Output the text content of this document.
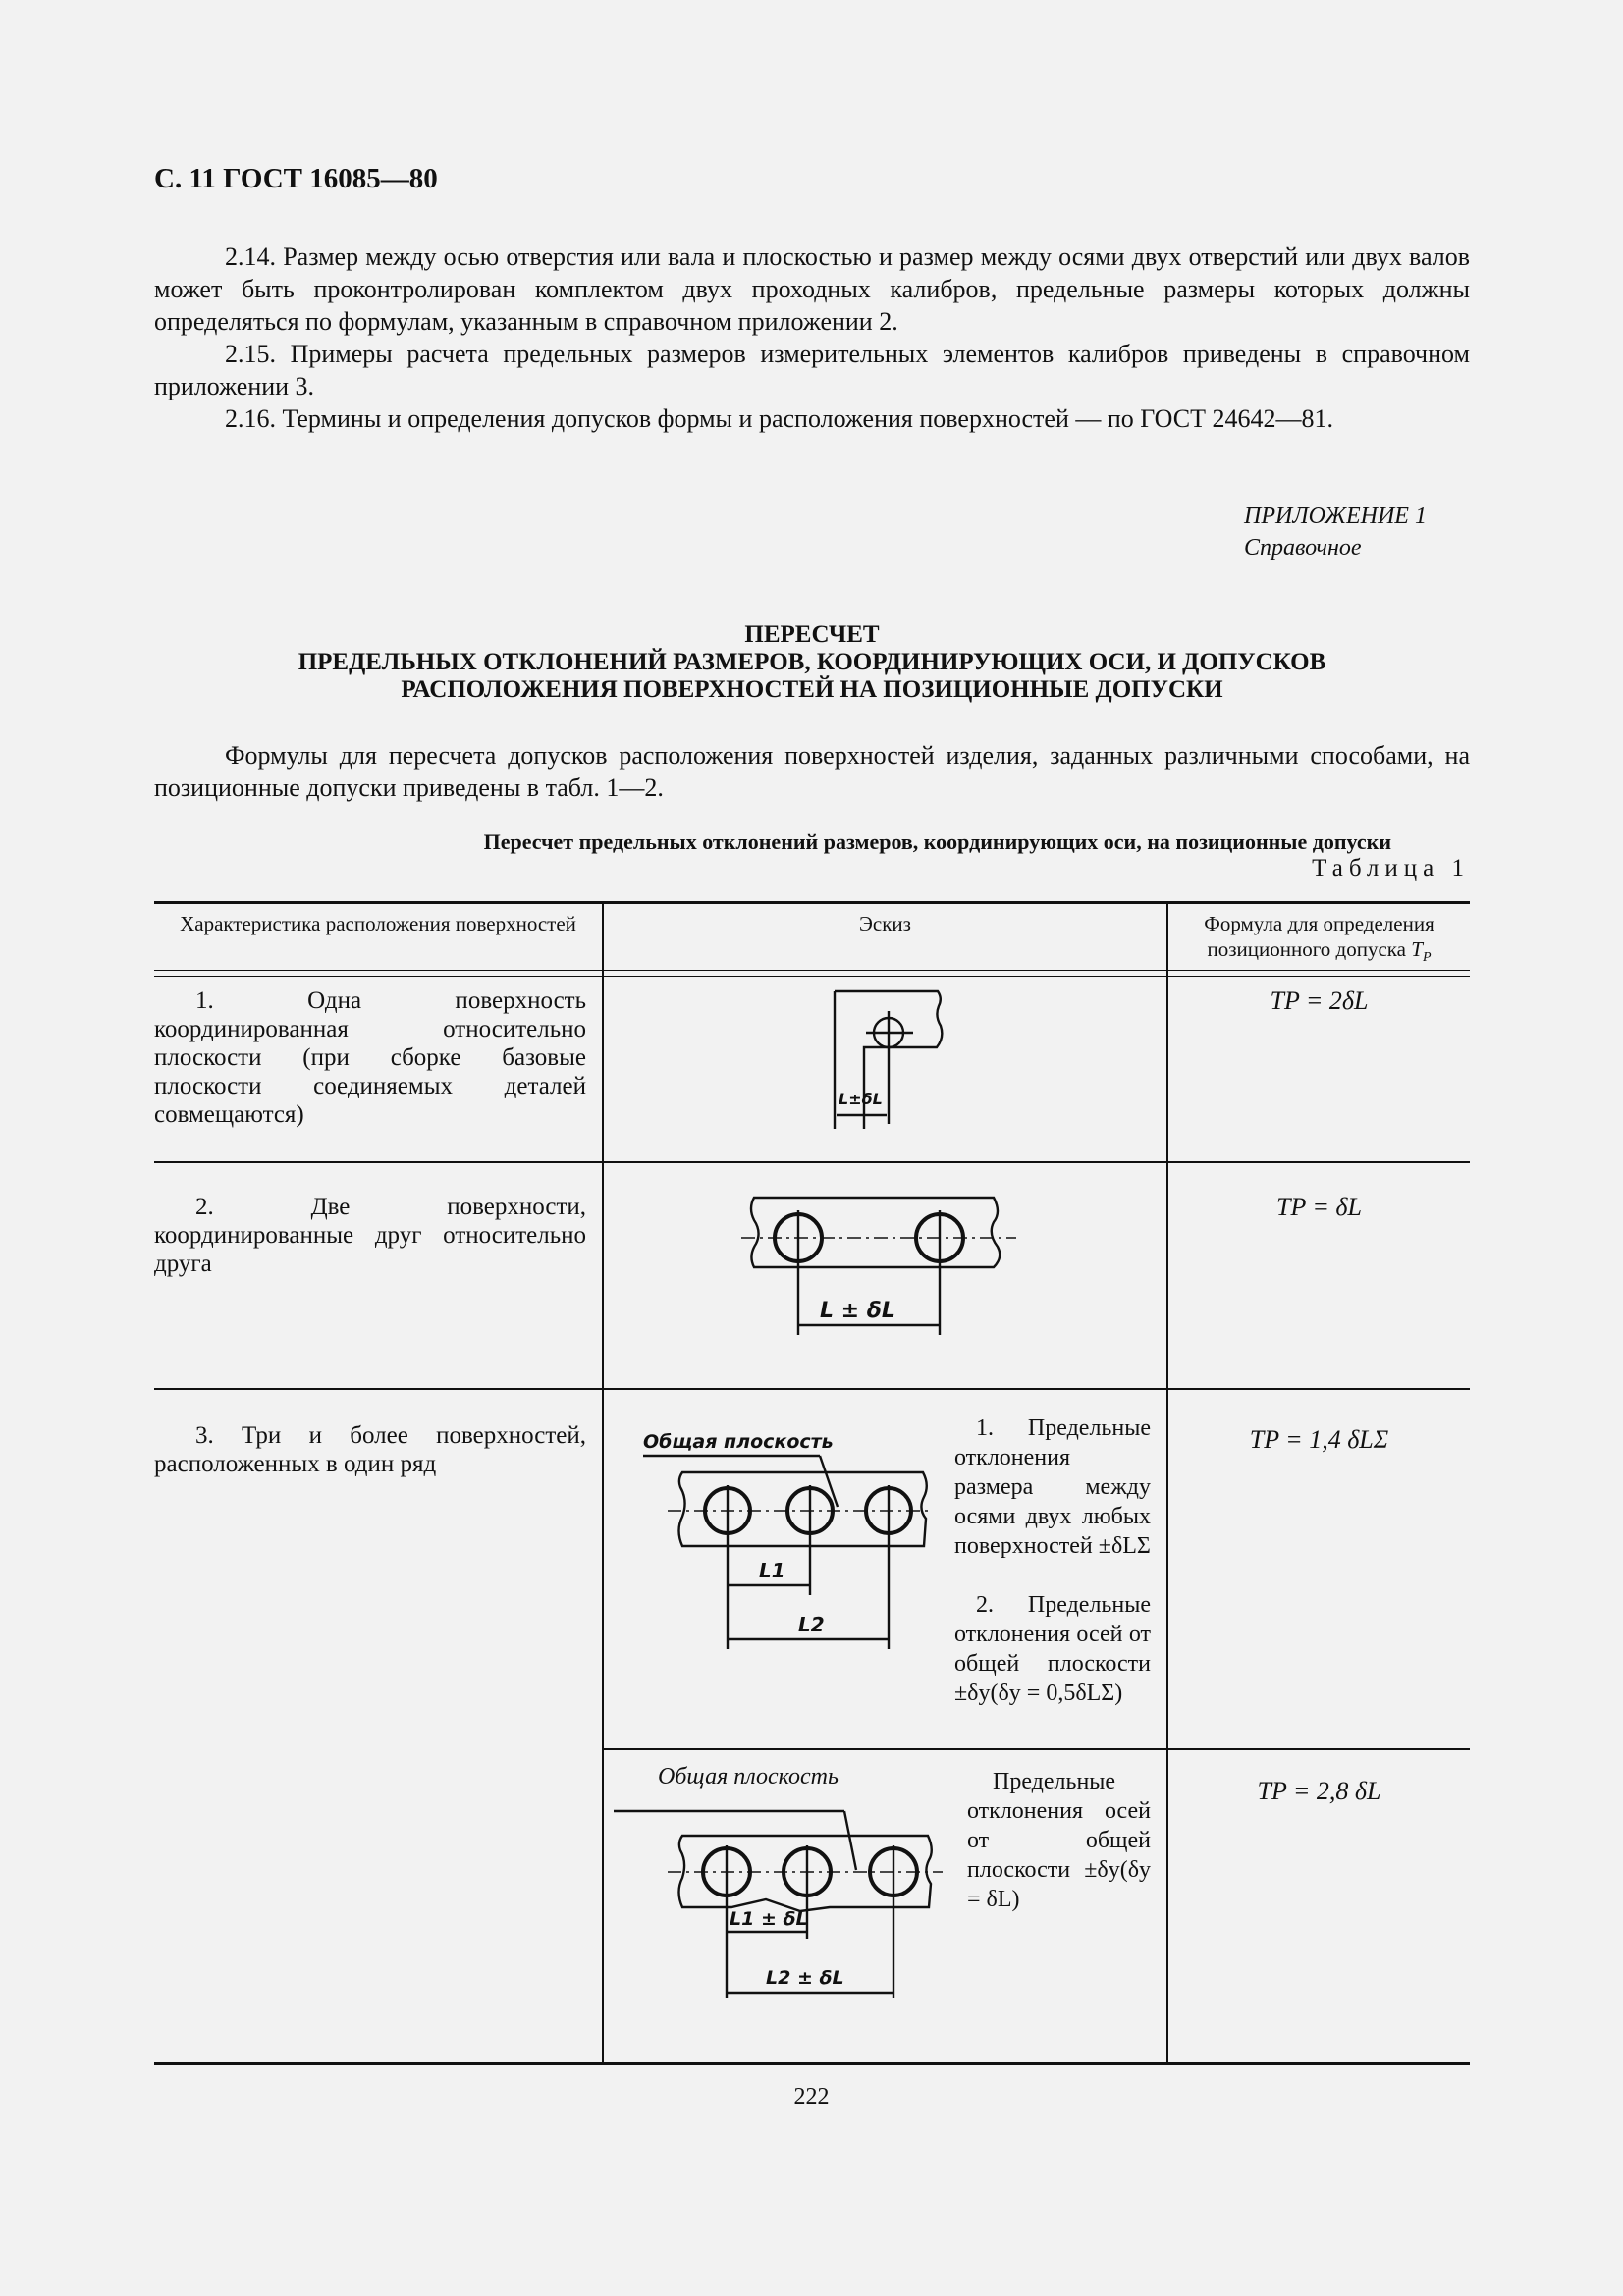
С. 11 ГОСТ 16085—80

2.14. Размер между осью отверстия или вала и плоскостью и размер между осями двух отверстий или двух валов может быть проконтролирован комплектом двух проходных калибров, предельные размеры которых должны определяться по формулам, указанным в справочном приложении 2.

2.15. Примеры расчета предельных размеров измерительных элементов калибров приведены в справочном приложении 3.

2.16. Термины и определения допусков формы и расположения поверхностей — по ГОСТ 24642—81.

ПРИЛОЖЕНИЕ 1
Справочное
ПЕРЕСЧЕТ
ПРЕДЕЛЬНЫХ ОТКЛОНЕНИЙ РАЗМЕРОВ, КООРДИНИРУЮЩИХ ОСИ, И ДОПУСКОВ
РАСПОЛОЖЕНИЯ ПОВЕРХНОСТЕЙ НА ПОЗИЦИОННЫЕ ДОПУСКИ

Формулы для пересчета допусков расположения поверхностей изделия, заданных различными способами, на позиционные допуски приведены в табл. 1—2.

Пересчет предельных отклонений размеров, координирующих оси, на позиционные допуски
Таблица 1
Характеристика расположения поверхностей	Эскиз	Формула для определения позиционного допуска $T_P$
1. Одна поверхность координированная относительно плоскости (при сборке базовые плоскости соединяемых деталей совмещаются)
TP = 2δL
L±δL
2. Две поверхности, координированные друг относительно друга
TP = δL
L ± δL
3. Три и более поверхностей, расположенных в один ряд
TP = 1,4 δLΣ
1. Предельные отклонения размера между осями двух любых поверхностей ±δLΣ
2. Предельные отклонения осей от общей плоскости ±δy(δy = 0,5δLΣ)
Общая плоскость
L1
L2
TP = 2,8 δL
Предельные отклонения осей от общей плоскости ±δy(δy = δL)
Общая плоскость
L1 ± δL
L2 ± δL
222
